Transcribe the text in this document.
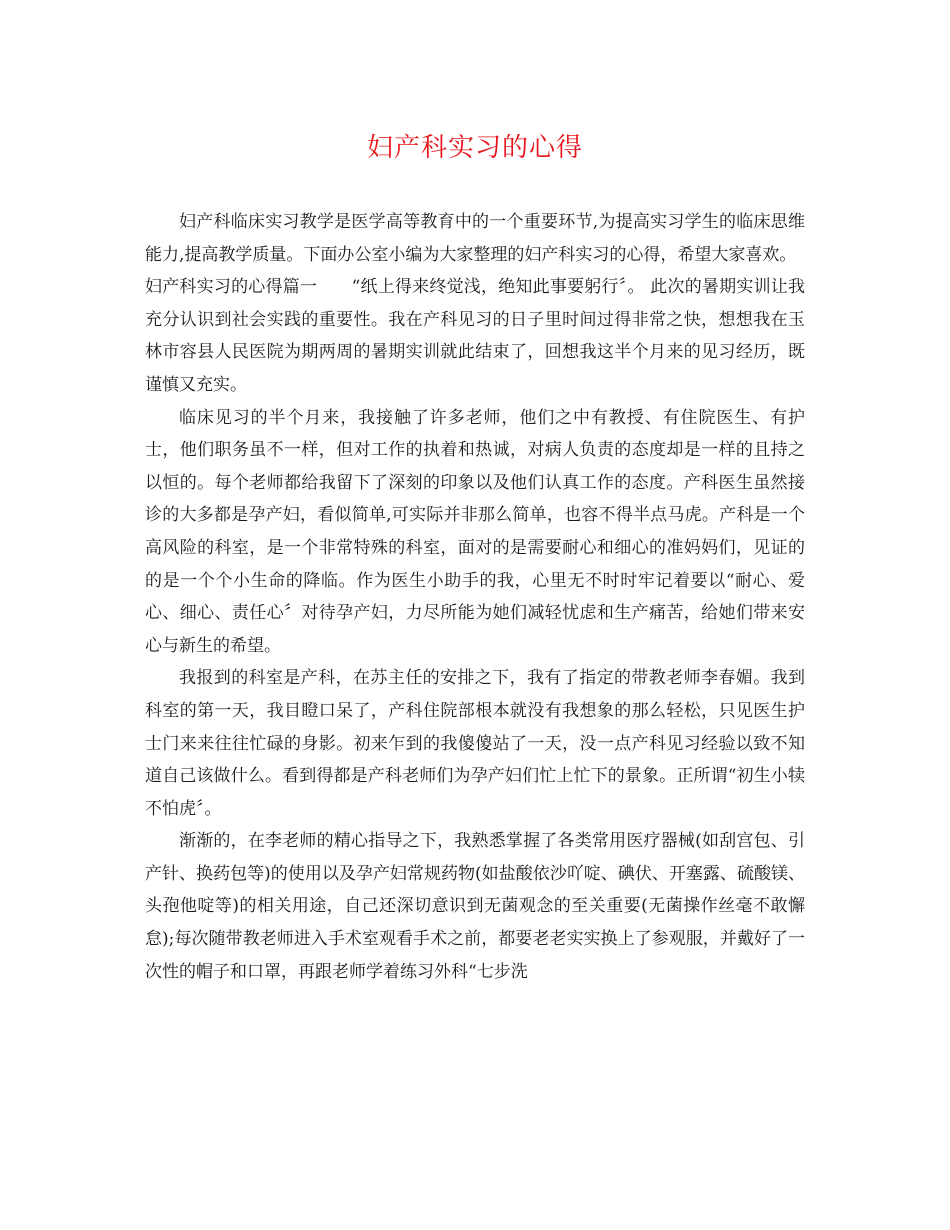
妇产科实习的心得

妇产科临床实习教学是医学高等教育中的一个重要环节,为提高实习学生的临床思维能力,提高教学质量。下面办公室小编为大家整理的妇产科实习的心得，希望大家喜欢。

妇产科实习的心得篇一　　“纸上得来终觉浅，绝知此事要躬行〞。 此次的暑期实训让我充分认识到社会实践的重要性。我在产科见习的日子里时间过得非常之快，想想我在玉林市容县人民医院为期两周的暑期实训就此结束了，回想我这半个月来的见习经历，既谨慎又充实。

临床见习的半个月来，我接触了许多老师，他们之中有教授、有住院医生、有护士，他们职务虽不一样，但对工作的执着和热诚，对病人负责的态度却是一样的且持之以恒的。每个老师都给我留下了深刻的印象以及他们认真工作的态度。产科医生虽然接诊的大多都是孕产妇，看似简单,可实际并非那么简单，也容不得半点马虎。产科是一个高风险的科室，是一个非常特殊的科室，面对的是需要耐心和细心的准妈妈们，见证的的是一个个小生命的降临。作为医生小助手的我，心里无不时时牢记着要以“耐心、爱心、细心、责任心〞对待孕产妇，力尽所能为她们减轻忧虑和生产痛苦，给她们带来安心与新生的希望。

我报到的科室是产科，在苏主任的安排之下，我有了指定的带教老师李春媚。我到科室的第一天，我目瞪口呆了，产科住院部根本就没有我想象的那么轻松，只见医生护士门来来往往忙碌的身影。初来乍到的我傻傻站了一天，没一点产科见习经验以致不知道自己该做什么。看到得都是产科老师们为孕产妇们忙上忙下的景象。正所谓“初生小犊不怕虎〞。

渐渐的，在李老师的精心指导之下，我熟悉掌握了各类常用医疗器械(如刮宫包、引产针、换药包等)的使用以及孕产妇常规药物(如盐酸依沙吖啶、碘伏、开塞露、硫酸镁、头孢他啶等)的相关用途，自己还深切意识到无菌观念的至关重要(无菌操作丝毫不敢懈怠);每次随带教老师进入手术室观看手术之前，都要老老实实换上了参观服，并戴好了一次性的帽子和口罩，再跟老师学着练习外科“七步洗
